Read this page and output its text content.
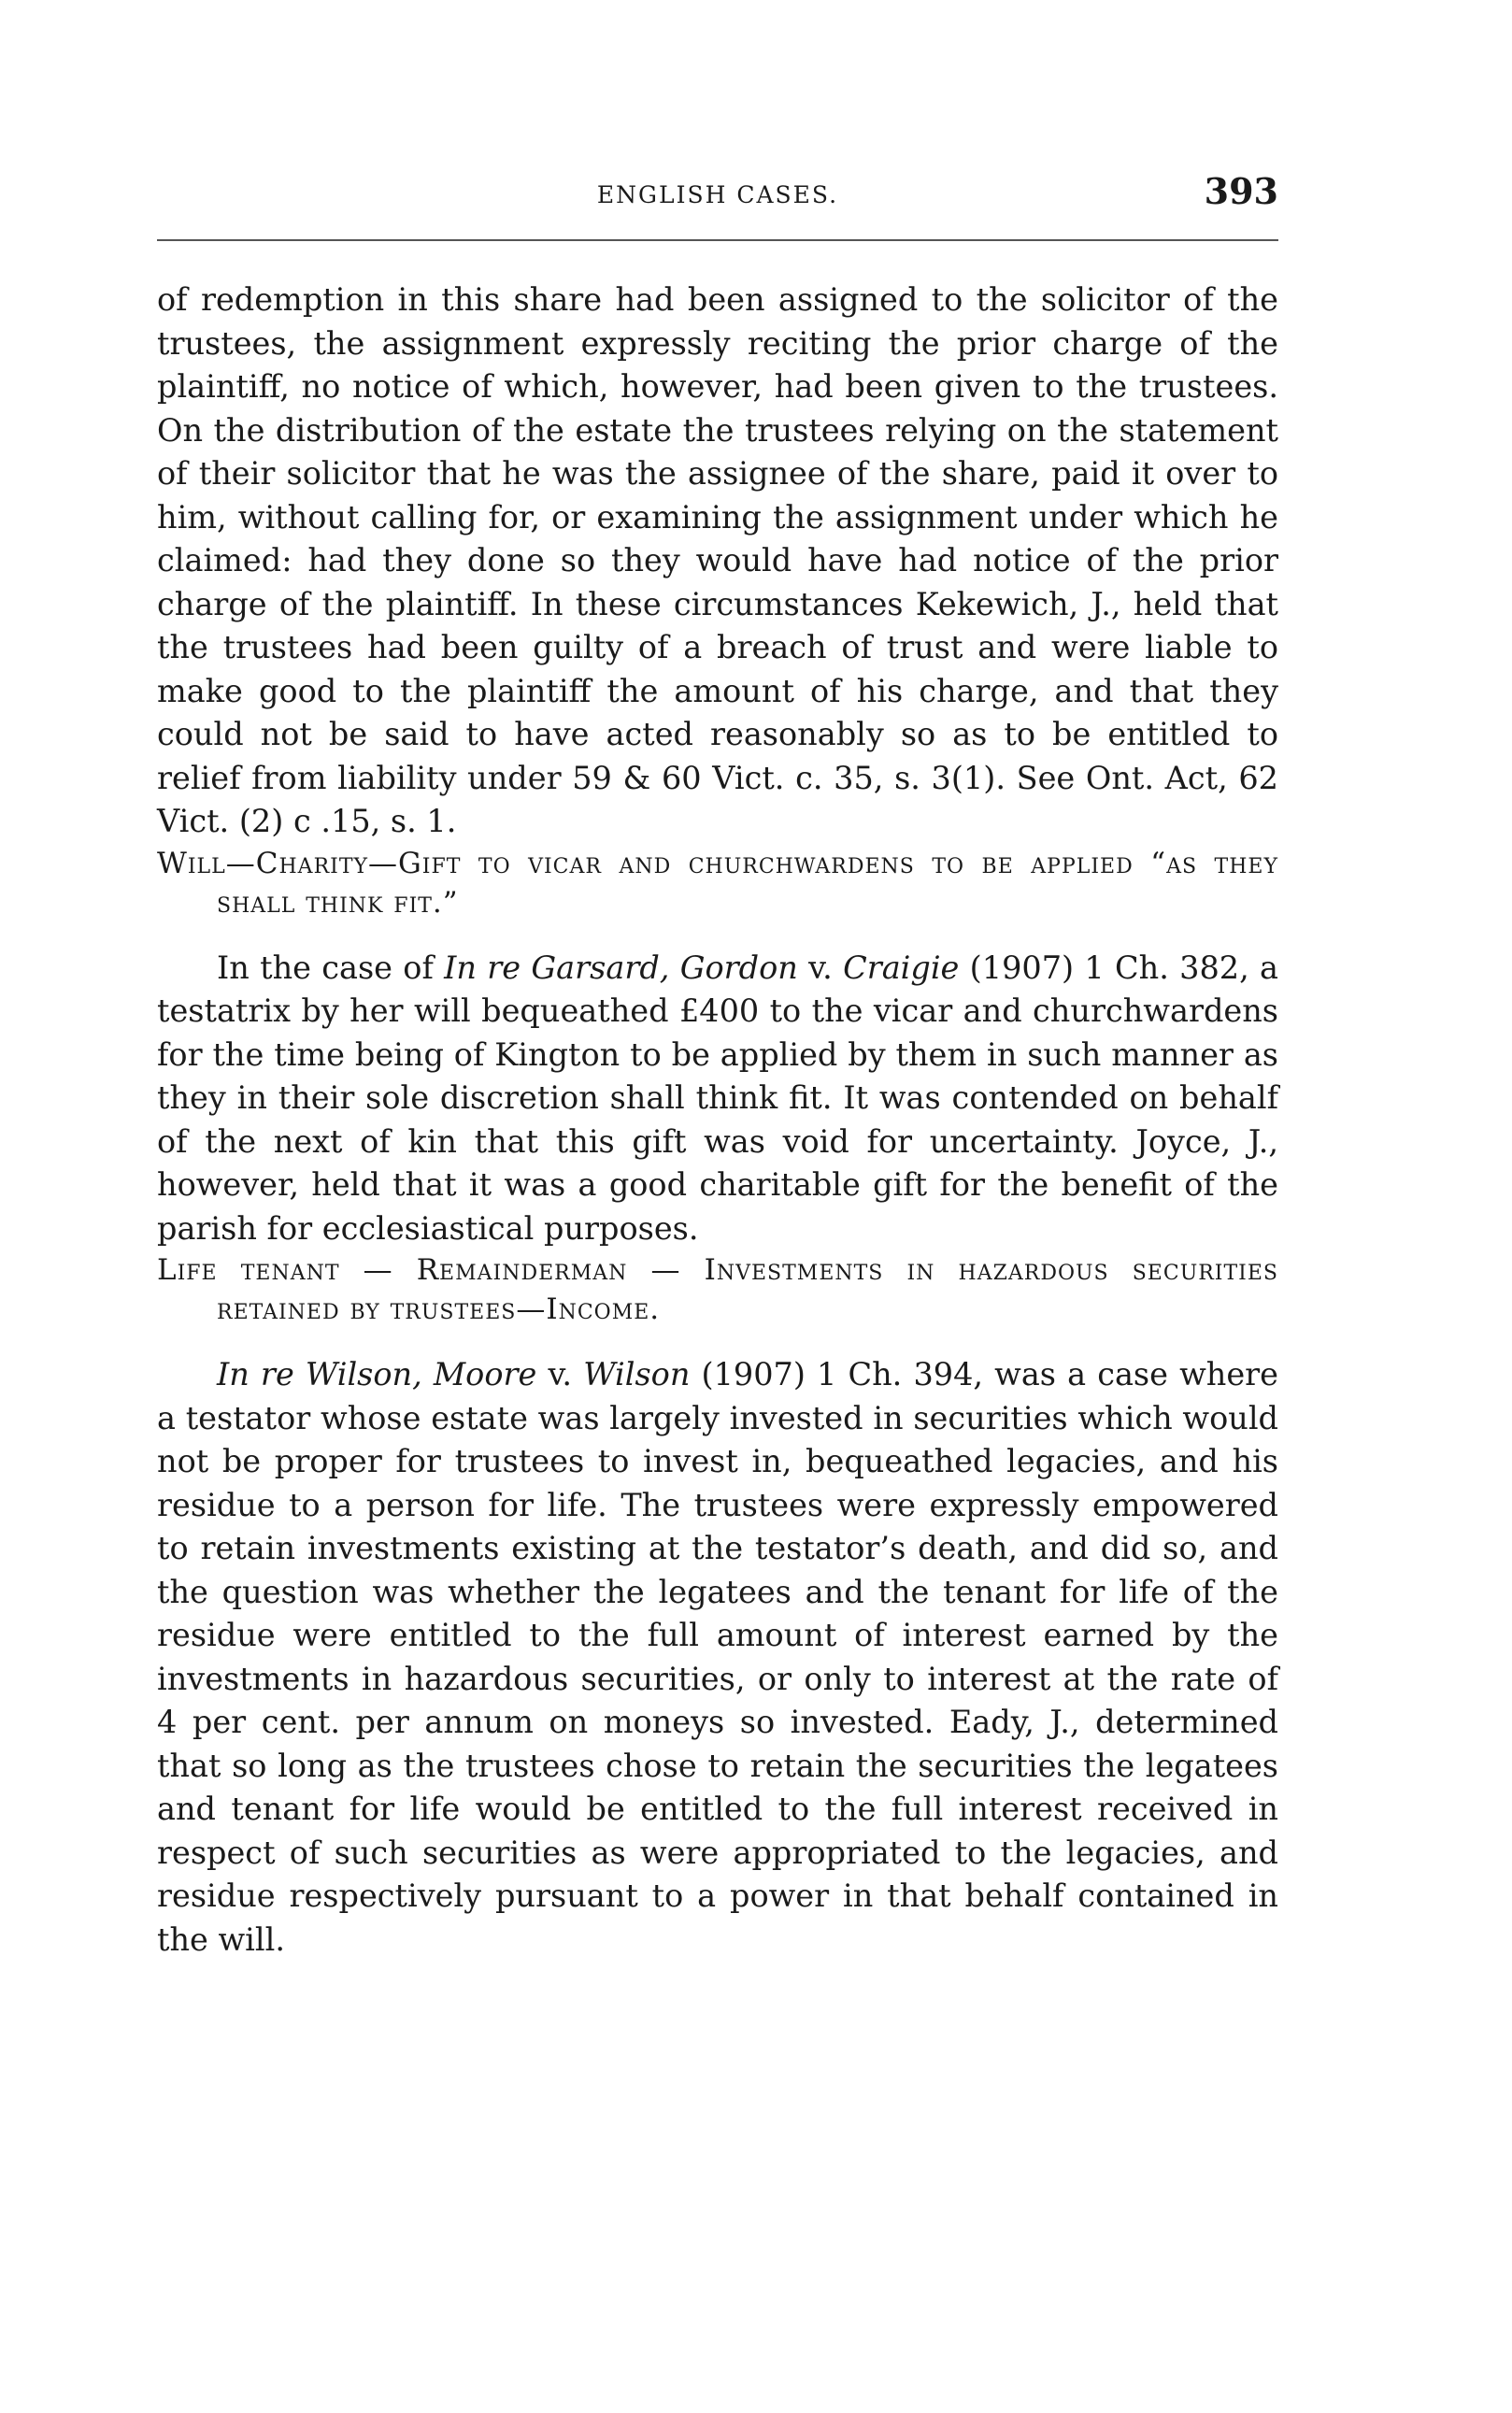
ENGLISH CASES.	393

of redemption in this share had been assigned to the solicitor of the trustees, the assignment expressly reciting the prior charge of the plaintiff, no notice of which, however, had been given to the trustees. On the distribution of the estate the trustees relying on the statement of their solicitor that he was the assignee of the share, paid it over to him, without calling for, or examining the assignment under which he claimed: had they done so they would have had notice of the prior charge of the plaintiff. In these circumstances Kekewich, J., held that the trustees had been guilty of a breach of trust and were liable to make good to the plaintiff the amount of his charge, and that they could not be said to have acted reasonably so as to be entitled to relief from liability under 59 & 60 Vict. c. 35, s. 3(1). See Ont. Act, 62 Vict. (2) c .15, s. 1.

Will—Charity—Gift to vicar and churchwardens to be applied “as they shall think fit.”

In the case of In re Garsard, Gordon v. Craigie (1907) 1 Ch. 382, a testatrix by her will bequeathed £400 to the vicar and churchwardens for the time being of Kington to be applied by them in such manner as they in their sole discretion shall think fit. It was contended on behalf of the next of kin that this gift was void for uncertainty. Joyce, J., however, held that it was a good charitable gift for the benefit of the parish for ecclesiastical purposes.

Life tenant — Remainderman — Investments in hazardous securities retained by trustees—Income.

In re Wilson, Moore v. Wilson (1907) 1 Ch. 394, was a case where a testator whose estate was largely invested in securities which would not be proper for trustees to invest in, bequeathed legacies, and his residue to a person for life. The trustees were expressly empowered to retain investments existing at the testator’s death, and did so, and the question was whether the legatees and the tenant for life of the residue were entitled to the full amount of interest earned by the investments in hazardous securities, or only to interest at the rate of 4 per cent. per annum on moneys so invested. Eady, J., determined that so long as the trustees chose to retain the securities the legatees and tenant for life would be entitled to the full interest received in respect of such securities as were appropriated to the legacies, and residue respectively pursuant to a power in that behalf contained in the will.
